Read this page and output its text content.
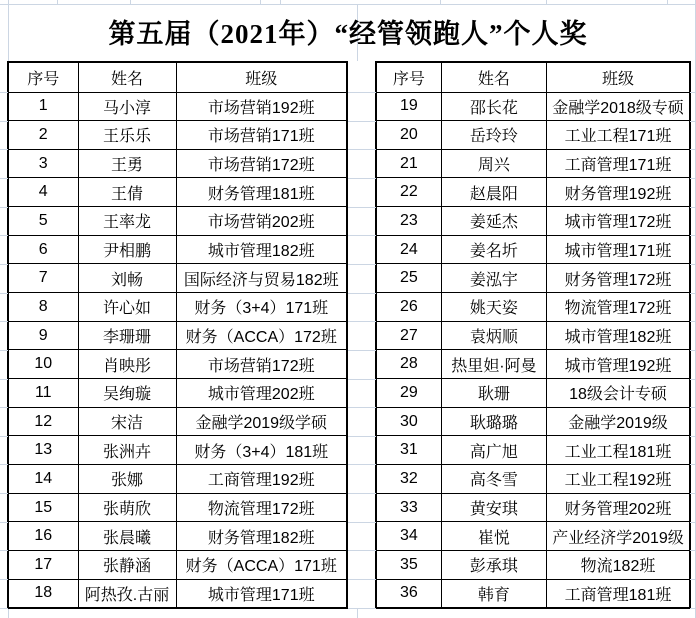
第五届（2021年）“经管领跑人”个人奖
序号	姓名	班级
1	马小淳	市场营销192班
2	王乐乐	市场营销171班
3	王勇	市场营销172班
4	王倩	财务管理181班
5	王率龙	市场营销202班
6	尹相鹏	城市管理182班
7	刘畅	国际经济与贸易182班
8	许心如	财务（3+4）171班
9	李珊珊	财务（ACCA）172班
10	肖映彤	市场营销172班
11	吴绚璇	城市管理202班
12	宋洁	金融学2019级学硕
13	张洲卉	财务（3+4）181班
14	张娜	工商管理192班
15	张萌欣	物流管理172班
16	张晨曦	财务管理182班
17	张静涵	财务（ACCA）171班
18	阿热孜.古丽	城市管理171班
序号	姓名	班级
19	邵长花	金融学2018级专硕
20	岳玲玲	工业工程171班
21	周兴	工商管理171班
22	赵晨阳	财务管理192班
23	姜延杰	城市管理172班
24	姜名圻	城市管理171班
25	姜泓宇	财务管理172班
26	姚天姿	物流管理172班
27	袁炳顺	城市管理182班
28	热里妲·阿曼	城市管理192班
29	耿珊	18级会计专硕
30	耿璐璐	金融学2019级
31	高广旭	工业工程181班
32	高冬雪	工业工程192班
33	黄安琪	财务管理202班
34	崔悦	产业经济学2019级
35	彭承琪	物流182班
36	韩育	工商管理181班
